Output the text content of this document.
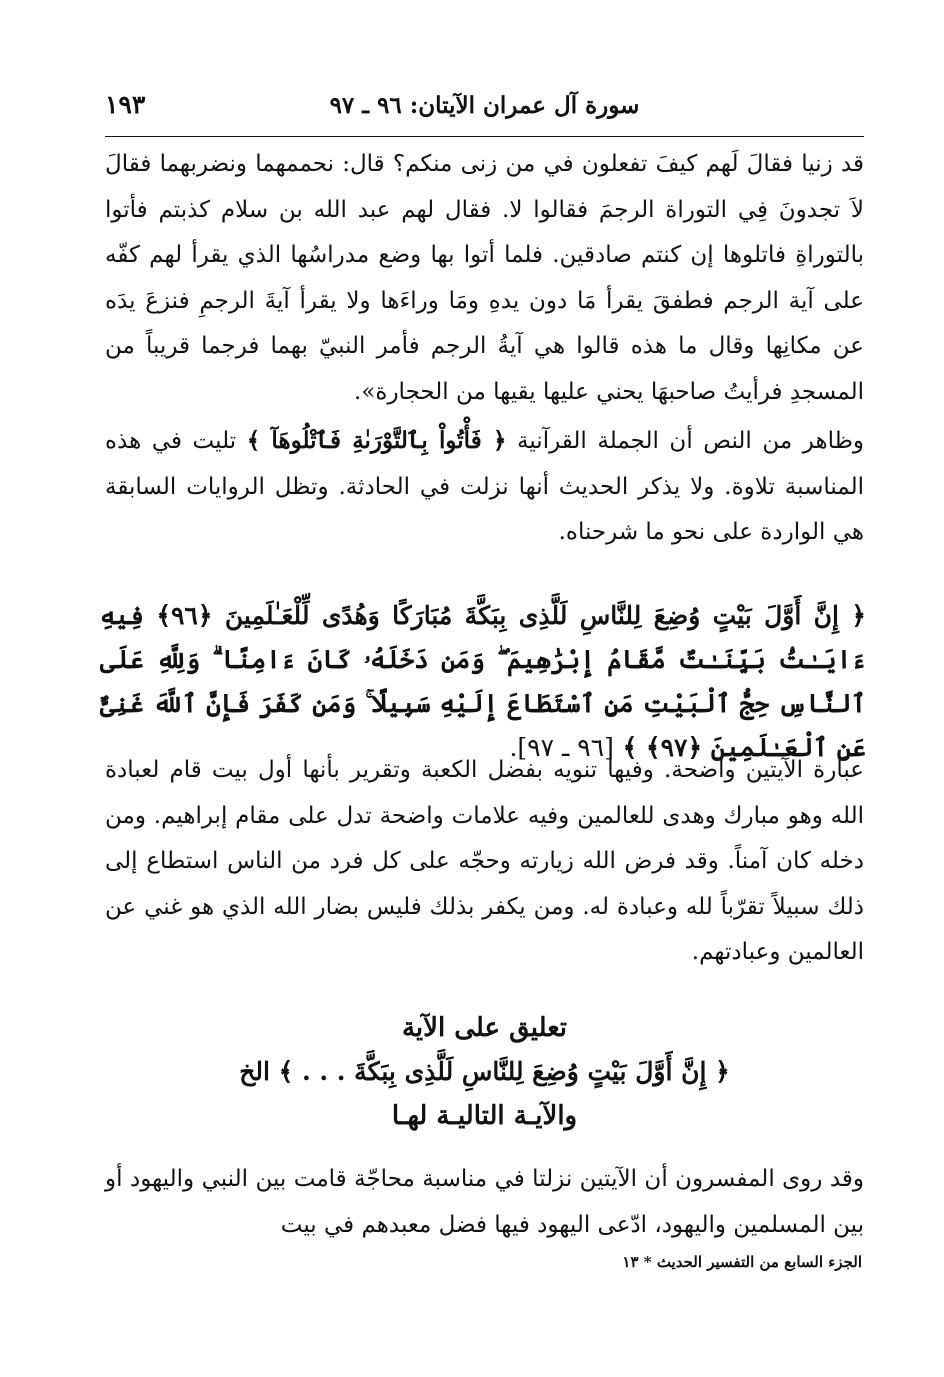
سورة آل عمران الآيتان: ٩٦ ـ ٩٧
١٩٣

قد زنيا فقالَ لَهم كيفَ تفعلون في من زنى منكم؟ قال: نحممهما ونضربهما فقالَ لاَ تجدونَ فِي التوراة الرجمَ فقالوا لا. فقال لهم عبد الله بن سلام كذبتم فأتوا بالتوراةِ فاتلوها إن كنتم صادقين. فلما أتوا بها وضع مدراسُها الذي يقرأ لهم كفّه على آية الرجم فطفقَ يقرأ مَا دون يدهِ ومَا وراءَها ولا يقرأ آيةَ الرجمِ فنزعَ يدَه عن مكانِها وقال ما هذه قالوا هي آيةُ الرجم فأمر النبيّ بهما فرجما قريباً من المسجدِ فرأيتُ صاحبهَا يحني عليها يقيها من الحجارة».

وظاهر من النص أن الجملة القرآنية ﴿ فَأْتُواْ بِٱلتَّوْرَىٰةِ فَٱتْلُوهَآ ﴾ تليت في هذه المناسبة تلاوة. ولا يذكر الحديث أنها نزلت في الحادثة. وتظل الروايات السابقة هي الواردة على نحو ما شرحناه.

﴿ إِنَّ أَوَّلَ بَيْتٍ وُضِعَ لِلنَّاسِ لَلَّذِى بِبَكَّةَ مُبَارَكًا وَهُدًى لِّلْعَـٰلَمِينَ ﴿٩٦﴾ فِيهِ ءَايَـٰتُۢ بَيِّنَـٰتٌ مَّقَامُ إِبْرَٰهِيمَ ۖ وَمَن دَخَلَهُۥ كَانَ ءَامِنًا ۗ وَلِلَّهِ عَلَى ٱلنَّاسِ حِجُّ ٱلْبَيْتِ مَنِ ٱسْتَطَاعَ إِلَيْهِ سَبِيلًا ۚ وَمَن كَفَرَ فَإِنَّ ٱللَّهَ غَنِىٌّ عَنِ ٱلْعَـٰلَمِينَ ﴿٩٧﴾ ﴾ [٩٦ ـ ٩٧].

عبارة الآيتين واضحة. وفيها تنويه بفضل الكعبة وتقرير بأنها أول بيت قام لعبادة الله وهو مبارك وهدى للعالمين وفيه علامات واضحة تدل على مقام إبراهيم. ومن دخله كان آمناً. وقد فرض الله زيارته وحجّه على كل فرد من الناس استطاع إلى ذلك سبيلاً تقرّباً لله وعبادة له. ومن يكفر بذلك فليس بضار الله الذي هو غني عن العالمين وعبادتهم.

تعليق على الآية
﴿ إِنَّ أَوَّلَ بَيْتٍ وُضِعَ لِلنَّاسِ لَلَّذِى بِبَكَّةَ . . . ﴾ الخ
والآيـة التاليـة لهـا

وقد روى المفسرون أن الآيتين نزلتا في مناسبة محاجّة قامت بين النبي واليهود أو بين المسلمين واليهود، ادّعى اليهود فيها فضل معبدهم في بيت

الجزء السابع من التفسير الحديث * ١٣
